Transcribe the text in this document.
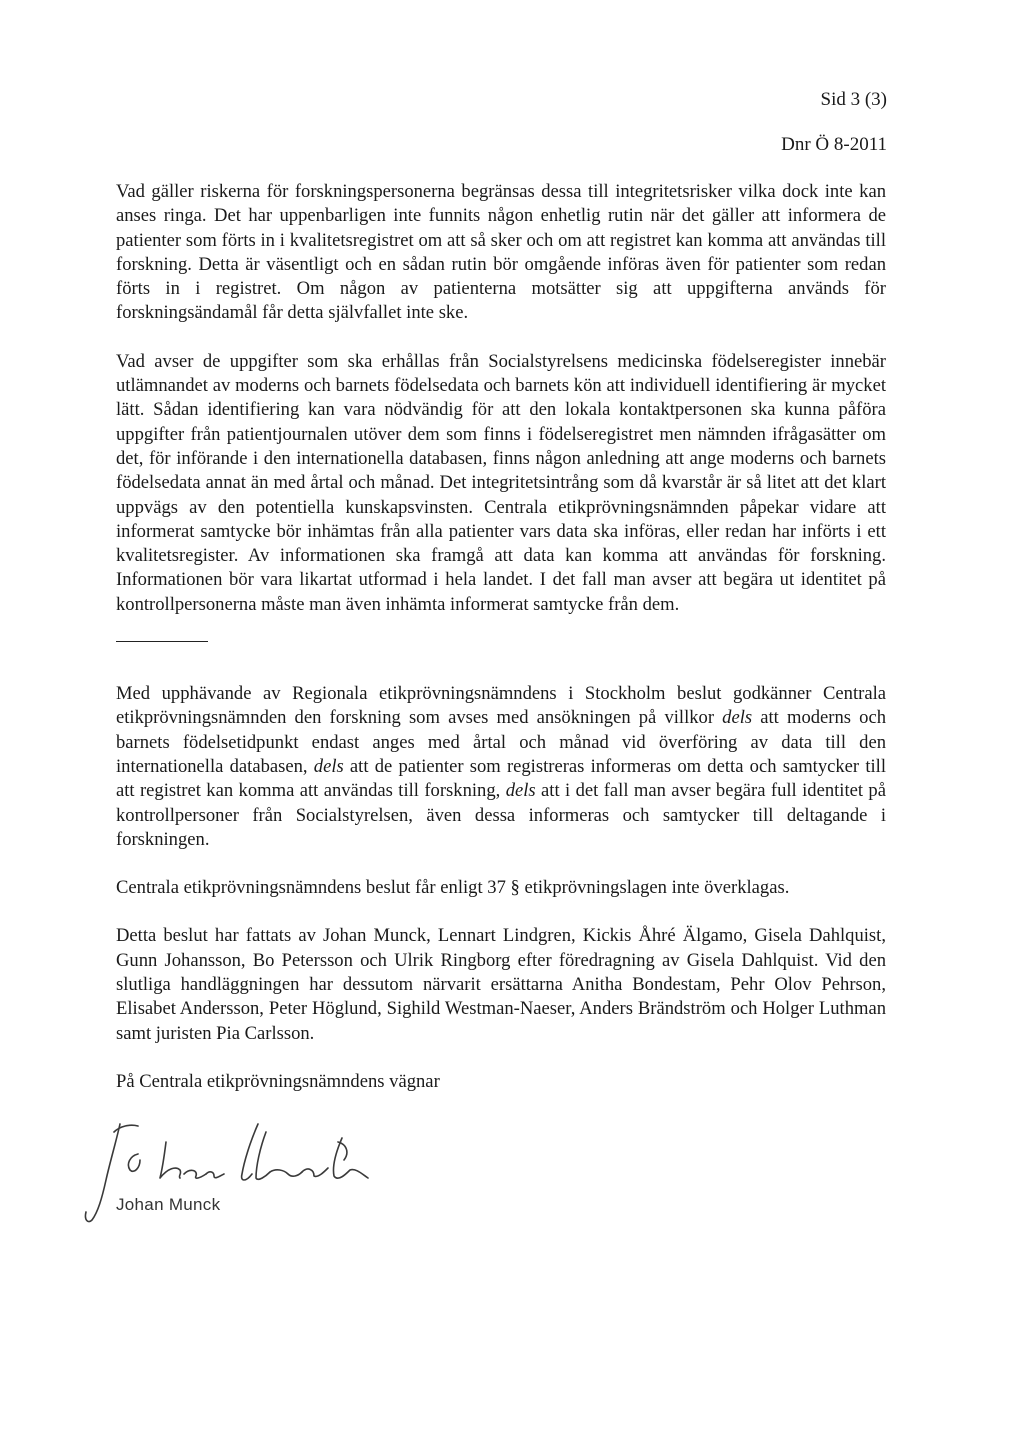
Sid 3 (3)
Dnr Ö 8-2011

Vad gäller riskerna för forskningspersonerna begränsas dessa till integritetsrisker vilka dock inte kan anses ringa. Det har uppenbarligen inte funnits någon enhetlig rutin när det gäller att informera de patienter som förts in i kvalitetsregistret om att så sker och om att registret kan komma att användas till forskning. Detta är väsentligt och en sådan rutin bör omgående införas även för patienter som redan förts in i registret. Om någon av patienterna motsätter sig att uppgifterna används för forskningsändamål får detta självfallet inte ske.

Vad avser de uppgifter som ska erhållas från Socialstyrelsens medicinska födelseregister innebär utlämnandet av moderns och barnets födelsedata och barnets kön att individuell identifiering är mycket lätt. Sådan identifiering kan vara nödvändig för att den lokala kontaktpersonen ska kunna påföra uppgifter från patientjournalen utöver dem som finns i födelseregistret men nämnden ifrågasätter om det, för införande i den internationella databasen, finns någon anledning att ange moderns och barnets födelsedata annat än med årtal och månad. Det integritetsintrång som då kvarstår är så litet att det klart uppvägs av den potentiella kunskapsvinsten. Centrala etikprövningsnämnden påpekar vidare att informerat samtycke bör inhämtas från alla patienter vars data ska införas, eller redan har införts i ett kvalitetsregister. Av informationen ska framgå att data kan komma att användas för forskning. Informationen bör vara likartat utformad i hela landet. I det fall man avser att begära ut identitet på kontrollpersonerna måste man även inhämta informerat samtycke från dem.

Med upphävande av Regionala etikprövningsnämndens i Stockholm beslut godkänner Centrala etikprövningsnämnden den forskning som avses med ansökningen på villkor dels att moderns och barnets födelsetidpunkt endast anges med årtal och månad vid överföring av data till den internationella databasen, dels att de patienter som registreras informeras om detta och samtycker till att registret kan komma att användas till forskning, dels att i det fall man avser begära full identitet på kontrollpersoner från Socialstyrelsen, även dessa informeras och samtycker till deltagande i forskningen.

Centrala etikprövningsnämndens beslut får enligt 37 § etikprövningslagen inte överklagas.

Detta beslut har fattats av Johan Munck, Lennart Lindgren, Kickis Åhré Älgamo, Gisela Dahlquist, Gunn Johansson, Bo Petersson och Ulrik Ringborg efter föredragning av Gisela Dahlquist. Vid den slutliga handläggningen har dessutom närvarit ersättarna Anitha Bondestam, Pehr Olov Pehrson, Elisabet Andersson, Peter Höglund, Sighild Westman-Naeser, Anders Brändström och Holger Luthman samt juristen Pia Carlsson.

På Centrala etikprövningsnämndens vägnar

Johan Munck
